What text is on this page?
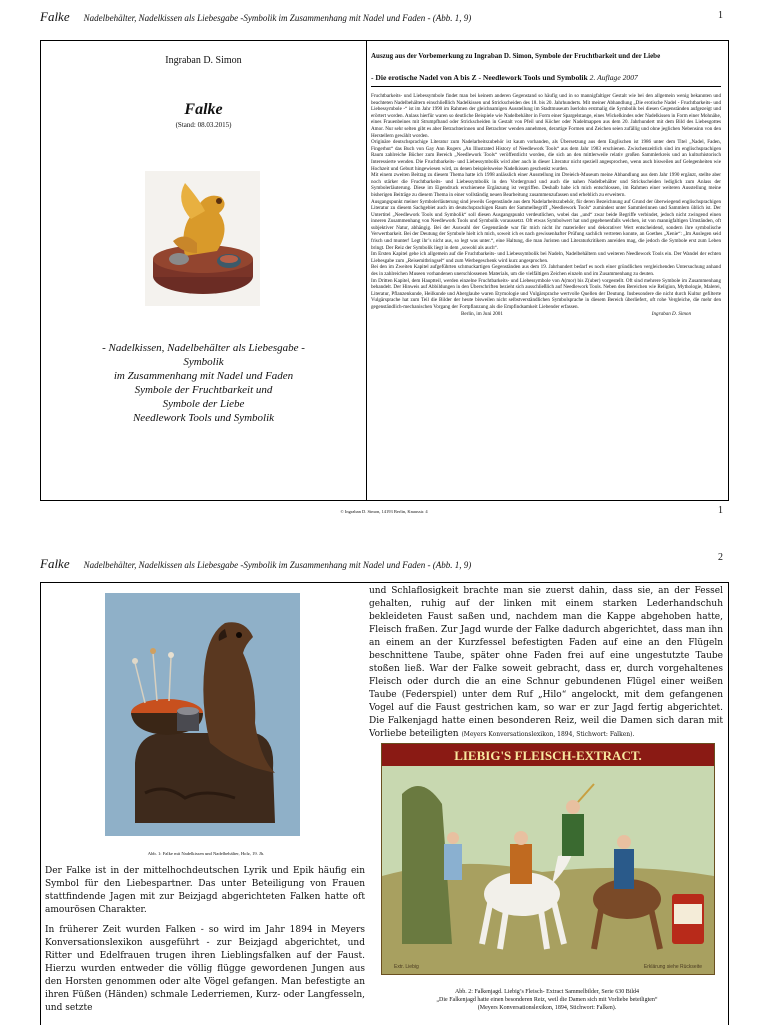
Falke Nadelbehälter, Nadelkissen als Liebesgabe -Symbolik im Zusammenhang mit Nadel und Faden - (Abb. 1, 9)	1
Ingraban D. Simon
Falke
(Stand: 08.03.2015)
- Nadelkissen, Nadelbehälter als Liebesgabe -
Symbolik
im Zusammenhang mit Nadel und Faden
Symbole der Fruchtbarkeit und
Symbole der Liebe
Needlework Tools und Symbolik
Auszug aus der Vorbemerkung zu Ingraban D. Simon, Symbole der Fruchtbarkeit und der Liebe
- Die erotische Nadel von A bis Z - Needlework Tools und Symbolik 2. Auflage 2007

Fruchtbarkeits- und Liebessymbole findet man bei keinem anderen Gegenstand so häufig und in so mannigfaltiger Gestalt wie bei den allgemein wenig bekannten und beachteten Nadelbehältern einschließlich Nadelkissen und Strickscheiden des 18. bis 20. Jahrhunderts. Mit meiner Abhandlung „Die erotische Nadel - Fruchtbarkeits- und Liebessymbole -“ ist im Jahr 1990 im Rahmen der gleichnamigen Ausstellung im Stadtmuseum Iserlohn erstmalig die Symbolik bei diesen Gegenständen aufgezeigt und erörtert worden. Anlass hierfür waren so deutliche Beispiele wie Nadelbehälter in Form einer Spargelstange, eines Wickelkindes oder Nadelkissen in Form einer Mohnähe, eines Frauenbeines mit Strumpfband oder Strickscheiden in Gestalt von Pfeil und Köcher oder Nadelmappen aus dem 20. Jahrhundert mit dem Bild des Liebesgottes Amor. Nur sehr selten gibt es aber Betrachterinnen und Betrachter wenden annehmen, derartige Formen und Zeichen seien zufällig und ohne jeglichen Nebensinn von den Herstellern gewählt worden.

Originäre deutschsprachige Literatur zum Nadelarbeitszubehör ist kaum vorhanden, als Übersetzung aus dem Englischen ist 1986 unter dem Titel „Nadel, Faden, Fingerhut“ das Buch von Gay Ann Rogers „An Illustrated History of Needlework Tools“ aus dem Jahr 1983 erschienen. Zwischenzeitlich sind im englischsprachigen Raum zahlreiche Bücher zum Bereich „Needlework Tools“ veröffentlicht worden, die sich an den mittlerweile relativ großen Sammlerkreis und an kulturhistorisch Interessierte wenden. Die Fruchtbarkeits- und Liebessymbolik wird aber auch in dieser Literatur nicht speziell angesprochen, wenn auch bisweilen auf Gelegenheiten wie Hochzeit und Geburt hingewiesen wird, zu denen beispielsweise Nadelkissen geschenkt wurden.

Mit einem zweiten Beitrag zu diesem Thema hatte ich 1998 anlässlich einer Ausstellung im Dreieich-Museum meine Abhandlung aus dem Jahr 1990 ergänzt, stellte aber noch stärker die Fruchtbarkeits- und Liebessymbolik in den Vordergrund und auch die nahen Nadelbehälter und Strickscheiden lediglich zum Anlass der Symbolerläuterung. Diese im Eigendruck erschienene Ergänzung ist vergriffen. Deshalb habe ich mich entschlossen, im Rahmen einer weiteren Ausstellung meine bisherigen Beiträge zu diesem Thema in einer vollständig neuen Bearbeitung zusammenzufassen und erheblich zu erweitern.

Ausgangspunkt meiner Symbolerläuterung sind jeweils Gegenstände aus dem Nadelarbeitszubehör, für deren Bezeichnung auf Grund der überwiegend englischsprachigen Literatur zu diesem Sachgebiet auch im deutschsprachigen Raum der Sammelbegriff „Needlework Tools“ zumindest unter Sammlerinnen und Sammlern üblich ist. Der Untertitel „Needlework Tools und Symbolik“ soll diesen Ausgangspunkt verdeutlichen, wobei das „und“ zwar beide Begriffe verbindet, jedoch nicht zwingend einen inneren Zusammenhang von Needlework Tools und Symbolik voraussetzt. Oft etwas Symbolwert hat und gegebenenfalls welchen, ist von mannigfaltigen Umständen, oft subjektiver Natur, abhängig. Bei der Auswahl der Gegenstände war für mich nicht ihr materieller und dekorativer Wert entscheidend, sondern ihre symbolische Verwertbarkeit. Bei der Deutung der Symbole hielt ich mich, soweit ich es nach gewissenhafter Prüfung sachlich vertreten konnte, an Goethes „Xenie“: „Im Auslegen seid frisch und munter! Legt ihr’s nicht aus, so legt was unter.“, eine Haltung, die man Juristen und Literaturkritikern anreiden mag, die jedoch die Symbole erst zum Leben bringt. Der Reiz der Symbolik liegt in dem „sowohl als auch“.

Im Ersten Kapitel gehe ich allgemein auf die Fruchtbarkeits- und Liebessymbolik bei Nadeln, Nadelbehältern und weiteren Needlework Tools ein. Der Wandel der echten Liebesgabe zum „Reisemitbringsel“ und zum Werbegeschenk wird kurz angesprochen.

Bei den im Zweiten Kapitel aufgeführten schmuckartigen Gegenständen aus dem 19. Jahrhundert bedarf es noch einer gründlichen vergleichenden Untersuchung anhand des in zahlreichen Museen vorhandenen unerschlossenen Materials, um die vielfältigen Zeichen einzeln und im Zusammenhang zu deuten.

Im Dritten Kapitel, dem Hauptteil, werden einzelne Fruchtbarkeits- und Liebessymbole von A(mor) bis Z(uber) vorgestellt. Oft sind mehrere Symbole im Zusammenhang behandelt. Der Hinweis auf Abbildungen in den Überschriften bezieht sich ausschließlich auf Needlework Tools. Neben den Bereichen wie Religion, Mythologie, Malerei, Literatur, Pflanzenkunde, Heilkunde und Aberglaube waren Etymologie und Vulgärsprache wertvolle Quellen der Deutung. Insbesondere die nicht durch Kultur gefilterte Vulgärsprache hat zum Teil die Bilder der heute bisweilen nicht selbstverständlichen Symbolsprache in diesem Bereich überliefert, oft rohe Vergleiche, die mehr den gegenständlich-mechanischen Vorgang der Fortpflanzung als die Empfindsamkeit Liebender erfassen.

Berlin, im Juni 2001	Ingraban D. Simon
© Ingraban D. Simon, 14193 Berlin, Knausstr. 4	1
Falke Nadelbehälter, Nadelkissen als Liebesgabe -Symbolik im Zusammenhang mit Nadel und Faden - (Abb. 1, 9)
2
Abb. 1: Falke mit Nadelkissen und Nadelbehälter, Holz, 19. Jh.

Der Falke ist in der mittelhochdeutschen Lyrik und Epik häufig ein Symbol für den Liebespartner. Das unter Beteiligung von Frauen stattfindende Jagen mit zur Beizjagd abgerichteten Falken hatte oft amourösen Charakter.

In früherer Zeit wurden Falken - so wird im Jahr 1894 in Meyers Konversationslexikon ausgeführt - zur Beizjagd abgerichtet, und Ritter und Edelfrauen trugen ihren Lieblingsfalken auf der Faust. Hierzu wurden entweder die völlig flügge gewordenen Jungen aus den Horsten genommen oder alte Vögel gefangen. Man befestigte an ihren Füßen (Händen) schmale Lederriemen, Kurz- oder Langfesseln, und setzte

und Schlaflosigkeit brachte man sie zuerst dahin, dass sie, an der Fessel gehalten, ruhig auf der linken mit einem starken Lederhandschuh bekleideten Faust saßen und, nachdem man die Kappe abgehoben hatte, Fleisch fraßen. Zur Jagd wurde der Falke dadurch abgerichtet, dass man ihn an einem an der Kurzfessel befestigten Faden auf eine an den Flügeln beschnittene Taube, später ohne Faden frei auf eine ungestutzte Taube stoßen ließ. War der Falke soweit gebracht, dass er, durch vorgehaltenes Fleisch oder durch die an eine Schnur gebundenen Flügel einer weißen Taube (Federspiel) unter dem Ruf „Hilo“ angelockt, mit dem gefangenen Vogel auf die Faust gestrichen kam, so war er zur Jagd fertig abgerichtet. Die Falkenjagd hatte einen besonderen Reiz, weil die Damen sich daran mit Vorliebe beteiligten (Meyers Konversationslexikon, 1894, Stichwort: Falken).
LIEBIG'S FLEISCH-EXTRACT.
Extr. Liebig	Erklärung siehe Rückseite
Abb. 2: Falkenjagd. Liebig’s Fleisch- Extract Sammelbilder, Serie 630 Bild4
„Die Falkenjagd hatte einen besonderen Reiz, weil die Damen sich mit Vorliebe beteiligten“
(Meyers Konversationslexikon, 1894, Stichwort: Falken).
